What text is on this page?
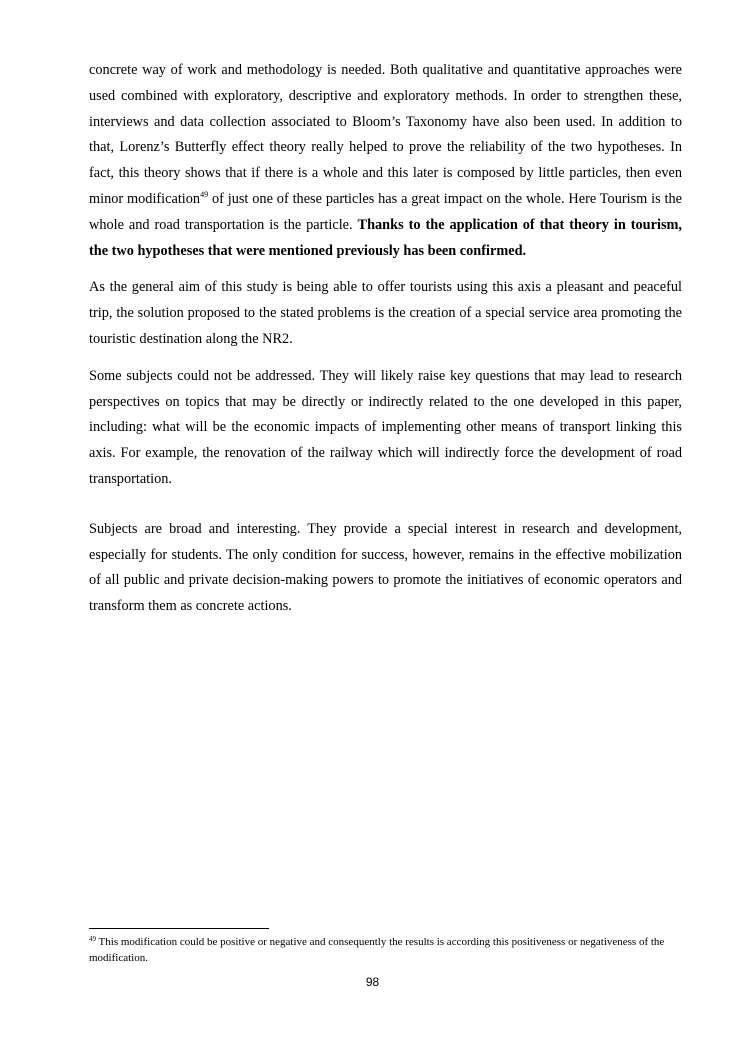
concrete way of work and methodology is needed. Both qualitative and quantitative approaches were used combined with exploratory, descriptive and exploratory methods. In order to strengthen these, interviews and data collection associated to Bloom’s Taxonomy have also been used. In addition to that, Lorenz’s Butterfly effect theory really helped to prove the reliability of the two hypotheses. In fact, this theory shows that if there is a whole and this later is composed by little particles, then even minor modification$^{49}$ of just one of these particles has a great impact on the whole. Here Tourism is the whole and road transportation is the particle. Thanks to the application of that theory in tourism, the two hypotheses that were mentioned previously has been confirmed.

As the general aim of this study is being able to offer tourists using this axis a pleasant and peaceful trip, the solution proposed to the stated problems is the creation of a special service area promoting the touristic destination along the NR2.

Some subjects could not be addressed. They will likely raise key questions that may lead to research perspectives on topics that may be directly or indirectly related to the one developed in this paper, including: what will be the economic impacts of implementing other means of transport linking this axis. For example, the renovation of the railway which will indirectly force the development of road transportation.

Subjects are broad and interesting. They provide a special interest in research and development, especially for students. The only condition for success, however, remains in the effective mobilization of all public and private decision-making powers to promote the initiatives of economic operators and transform them as concrete actions.

$^{49}$ This modification could be positive or negative and consequently the results is according this positiveness or negativeness of the modification.
98
